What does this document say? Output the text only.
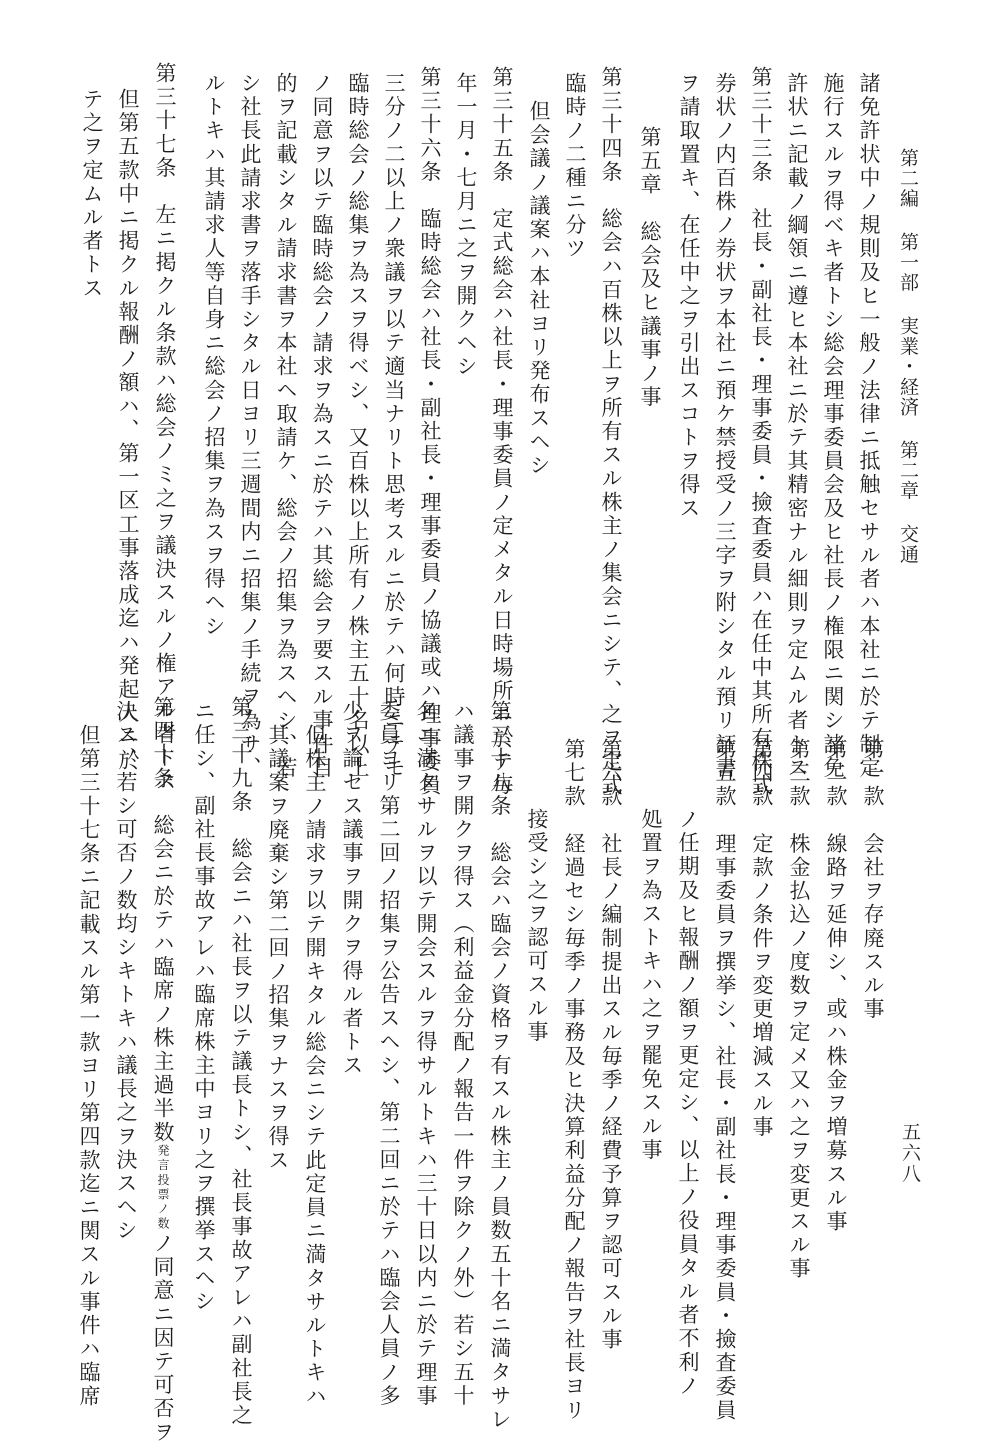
第二編 第一部 実業・経済 第二章 交通
五六八
諸免許状中ノ規則及ヒ一般ノ法律ニ抵触セサル者ハ本社ニ於テ制定
施行スルヲ得ベキ者トシ総会理事委員会及ヒ社長ノ権限ニ関シ諸免
許状ニ記載ノ綱領ニ遵ヒ本社ニ於テ其精密ナル細則ヲ定ムル者トス
第三十三条　社長・副社長・理事委員・撿査委員ハ在任中其所有株式
券状ノ内百株ノ券状ヲ本社ニ預ケ禁授受ノ三字ヲ附シタル預リ証書
ヲ請取置キ、在任中之ヲ引出スコトヲ得ス
第五章　総会及ヒ議事ノ事
第三十四条　総会ハ百株以上ヲ所有スル株主ノ集会ニシテ、之ヲ定式
臨時ノ二種ニ分ツ
但会議ノ議案ハ本社ヨリ発布スヘシ
第三十五条　定式総会ハ社長・理事委員ノ定メタル日時場所ニ於テ毎
年一月・七月ニ之ヲ開クヘシ
第三十六条　臨時総会ハ社長・副社長・理事委員ノ協議或ハ理事委員
三分ノ二以上ノ衆議ヲ以テ適当ナリト思考スルニ於テハ何時ニテモ
臨時総会ノ総集ヲ為スヲ得ベシ、又百株以上所有ノ株主五十名以上
ノ同意ヲ以テ臨時総会ノ請求ヲ為スニ於テハ其総会ヲ要スル事件目
的ヲ記載シタル請求書ヲ本社ヘ取請ケ、総会ノ招集ヲ為スヘシ、若
シ社長此請求書ヲ落手シタル日ヨリ三週間内ニ招集ノ手続ヲ為サ、
ルトキハ其請求人等自身ニ総会ノ招集ヲ為スヲ得ヘシ
第三十七条　左ニ掲クル条款ハ総会ノミ之ヲ議決スルノ権アル者トス
但第五款中ニ掲クル報酬ノ額ハ、第一区工事落成迄ハ発起人ニ於
テ之ヲ定ムル者トス
第一款　会社ヲ存廃スル事
第二款　線路ヲ延伸シ、或ハ株金ヲ増募スル事
第三款　株金払込ノ度数ヲ定メ又ハ之ヲ変更スル事
第四款　定款ノ条件ヲ変更増減スル事
第五款　理事委員ヲ撰挙シ、社長・副社長・理事委員・撿査委員
ノ任期及ヒ報酬ノ額ヲ更定シ、以上ノ役員タル者不利ノ
処置ヲ為ストキハ之ヲ罷免スル事
第六款　社長ノ編制提出スル毎季ノ経費予算ヲ認可スル事
第七款　経過セシ毎季ノ事務及ヒ決算利益分配ノ報告ヲ社長ヨリ
接受シ之ヲ認可スル事
第三十八条　総会ハ臨会ノ資格ヲ有スル株主ノ員数五十名ニ満タサレ
ハ議事ヲ開クヲ得ス（利益金分配ノ報告一件ヲ除クノ外）若シ五十
名ニ満タサルヲ以テ開会スルヲ得サルトキハ三十日以内ニ於テ理事
委員ヨリ第二回ノ招集ヲ公告スヘシ、第二回ニ於テハ臨会人員ノ多
少ヲ論セス議事ヲ開クヲ得ル者トス
但株主ノ請求ヲ以テ開キタル総会ニシテ此定員ニ満タサルトキハ
其議案ヲ廃棄シ第二回ノ招集ヲナスヲ得ス
第三十九条　総会ニハ社長ヲ以テ議長トシ、社長事故アレハ副社長之
ニ任シ、副社長事故アレハ臨席株主中ヨリ之ヲ撰挙スヘシ
第四十条　総会ニ於テハ臨席ノ株主過半数発言投票ノ数ノ同意ニ因テ可否ヲ
決ス、若シ可否ノ数均シキトキハ議長之ヲ決スヘシ
但第三十七条ニ記載スル第一款ヨリ第四款迄ニ関スル事件ハ臨席
